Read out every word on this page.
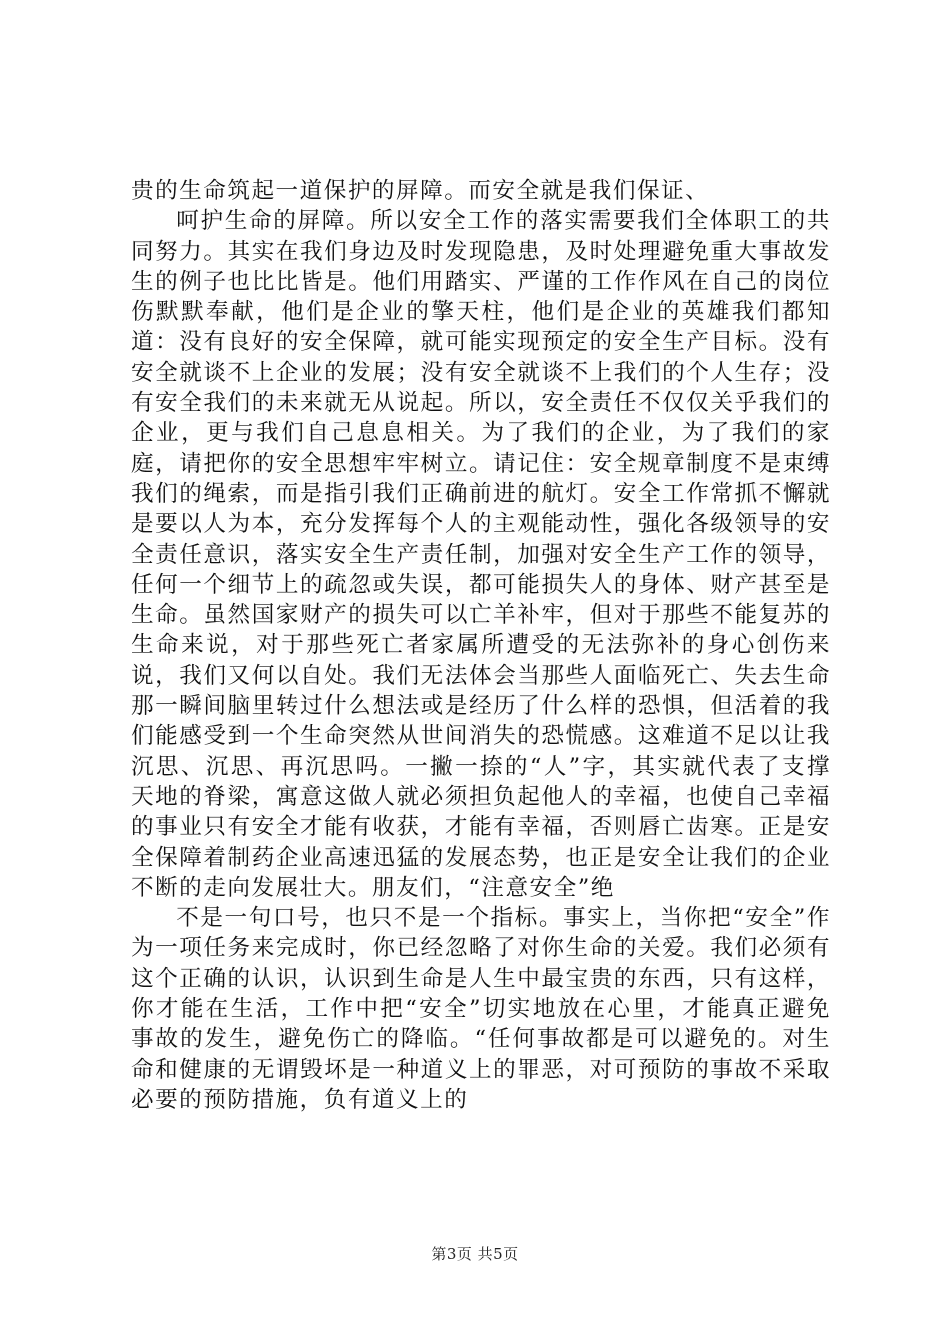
贵的生命筑起一道保护的屏障。而安全就是我们保证、

呵护生命的屏障。所以安全工作的落实需要我们全体职工的共同努力。其实在我们身边及时发现隐患，及时处理避免重大事故发生的例子也比比皆是。他们用踏实、严谨的工作作风在自己的岗位伤默默奉献，他们是企业的擎天柱，他们是企业的英雄我们都知道：没有良好的安全保障，就可能实现预定的安全生产目标。没有安全就谈不上企业的发展；没有安全就谈不上我们的个人生存；没有安全我们的未来就无从说起。所以，安全责任不仅仅关乎我们的企业，更与我们自己息息相关。为了我们的企业，为了我们的家庭，请把你的安全思想牢牢树立。请记住：安全规章制度不是束缚我们的绳索，而是指引我们正确前进的航灯。安全工作常抓不懈就是要以人为本，充分发挥每个人的主观能动性，强化各级领导的安全责任意识，落实安全生产责任制，加强对安全生产工作的领导，任何一个细节上的疏忽或失误，都可能损失人的身体、财产甚至是生命。虽然国家财产的损失可以亡羊补牢，但对于那些不能复苏的生命来说，对于那些死亡者家属所遭受的无法弥补的身心创伤来说，我们又何以自处。我们无法体会当那些人面临死亡、失去生命那一瞬间脑里转过什么想法或是经历了什么样的恐惧，但活着的我们能感受到一个生命突然从世间消失的恐慌感。这难道不足以让我沉思、沉思、再沉思吗。一撇一捺的“人”字，其实就代表了支撑天地的脊梁，寓意这做人就必须担负起他人的幸福，也使自己幸福的事业只有安全才能有收获，才能有幸福，否则唇亡齿寒。正是安全保障着制药企业高速迅猛的发展态势，也正是安全让我们的企业不断的走向发展壮大。朋友们，“注意安全”绝

不是一句口号，也只不是一个指标。事实上，当你把“安全”作为一项任务来完成时，你已经忽略了对你生命的关爱。我们必须有这个正确的认识，认识到生命是人生中最宝贵的东西，只有这样，你才能在生活，工作中把“安全”切实地放在心里，才能真正避免事故的发生，避免伤亡的降临。“任何事故都是可以避免的。对生命和健康的无谓毁坏是一种道义上的罪恶，对可预防的事故不采取必要的预防措施，负有道义上的

第3页 共5页
